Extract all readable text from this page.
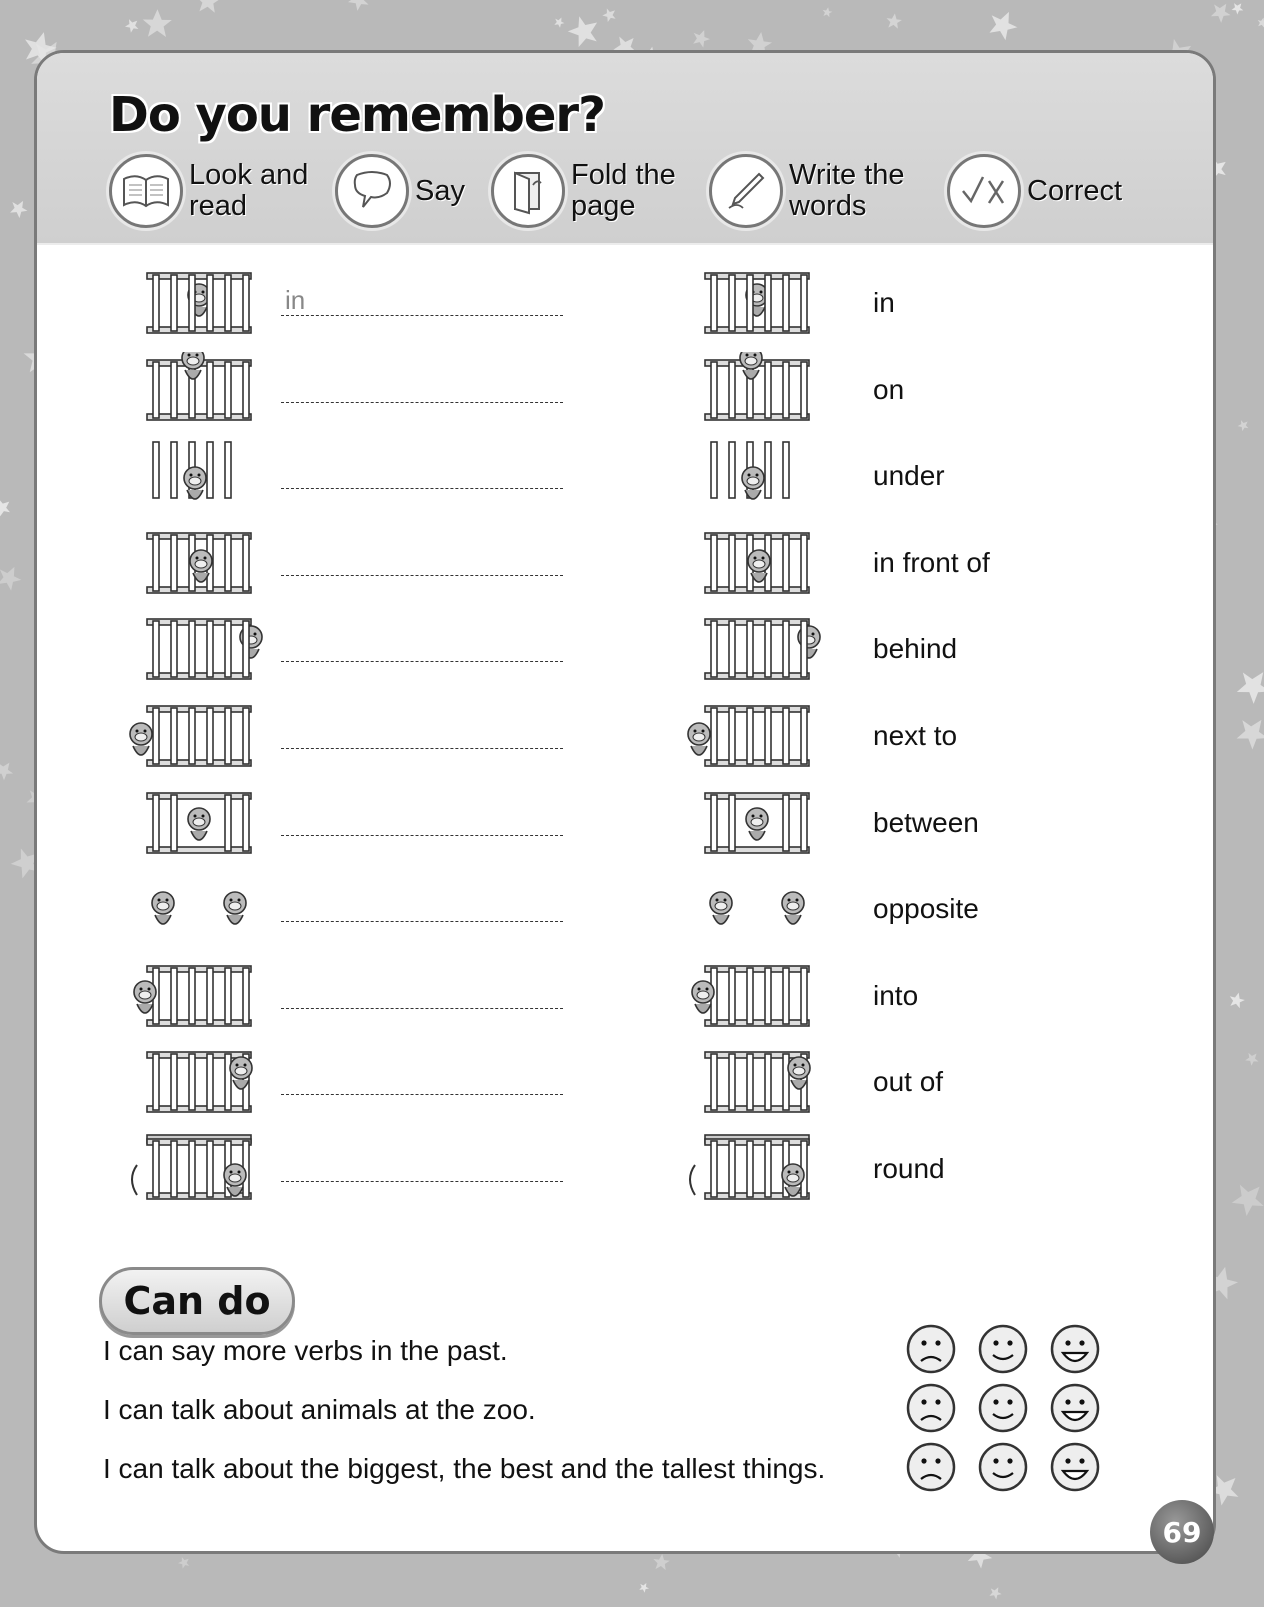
Do you remember?
Look and
read	Say	Fold the
page
Write the
words	Correct
in	in
on
under
in front of
behind
next to
between
opposite
into
out of
round
Can do
I can say more verbs in the past.
I can talk about animals at the zoo.
I can talk about the biggest, the best and the tallest things.
69
